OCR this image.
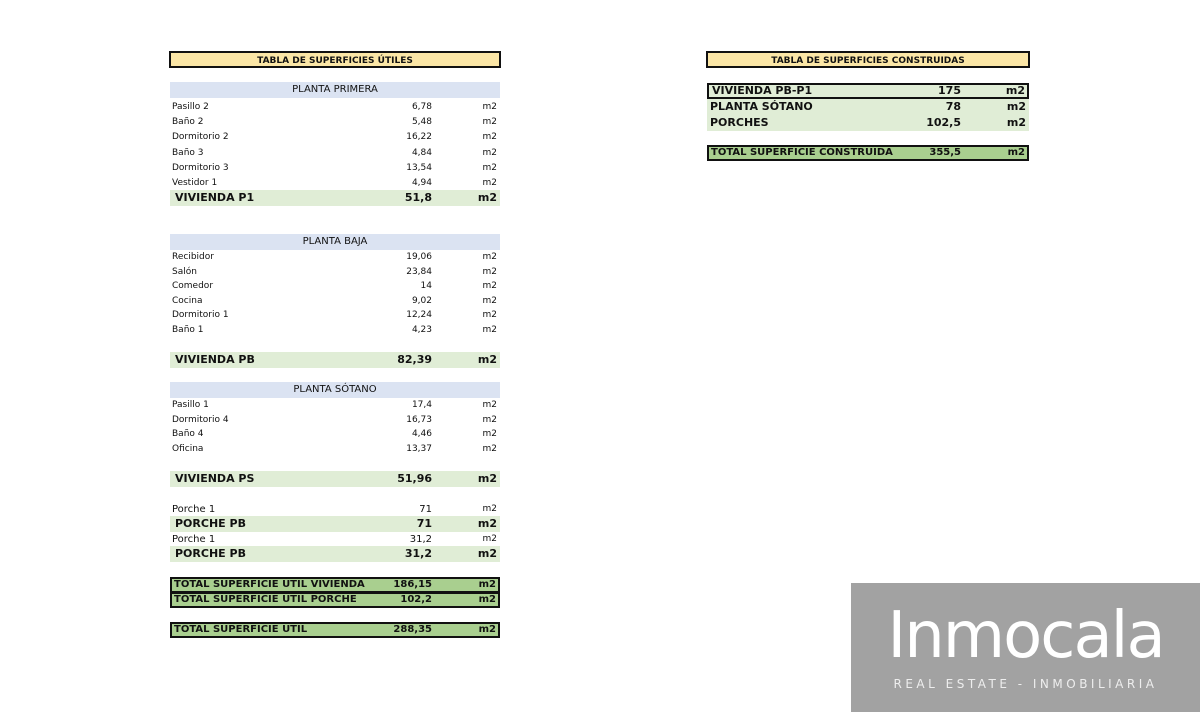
TABLA DE SUPERFICIES ÚTILES
PLANTA PRIMERA
Pasillo 2	6,78	m2
Baño 2	5,48	m2
Dormitorio 2	16,22	m2
Baño 3	4,84	m2
Dormitorio 3	13,54	m2
Vestidor 1	4,94	m2
VIVIENDA P1	51,8	m2
PLANTA BAJA
Recibidor	19,06	m2
Salón	23,84	m2
Comedor	14	m2
Cocina	9,02	m2
Dormitorio 1	12,24	m2
Baño 1	4,23	m2
VIVIENDA PB	82,39	m2
PLANTA SÓTANO
Pasillo 1	17,4	m2
Dormitorio 4	16,73	m2
Baño 4	4,46	m2
Oficina	13,37	m2
VIVIENDA PS	51,96	m2
Porche 1	71	m2
PORCHE PB	71	m2
Porche 1	31,2	m2
PORCHE PB	31,2	m2
TOTAL SUPERFICIE ÚTIL VIVIENDA	186,15	m2
TOTAL SUPERFICIE ÚTIL PORCHE	102,2	m2
TOTAL SUPERFICIE ÚTIL	288,35	m2
TABLA DE SUPERFICIES CONSTRUIDAS
VIVIENDA PB-P1	175	m2
PLANTA SÓTANO	78	m2
PORCHES	102,5	m2
TOTAL SUPERFICIE CONSTRUIDA	355,5	m2
Inmocala
REAL ESTATE - INMOBILIARIA
